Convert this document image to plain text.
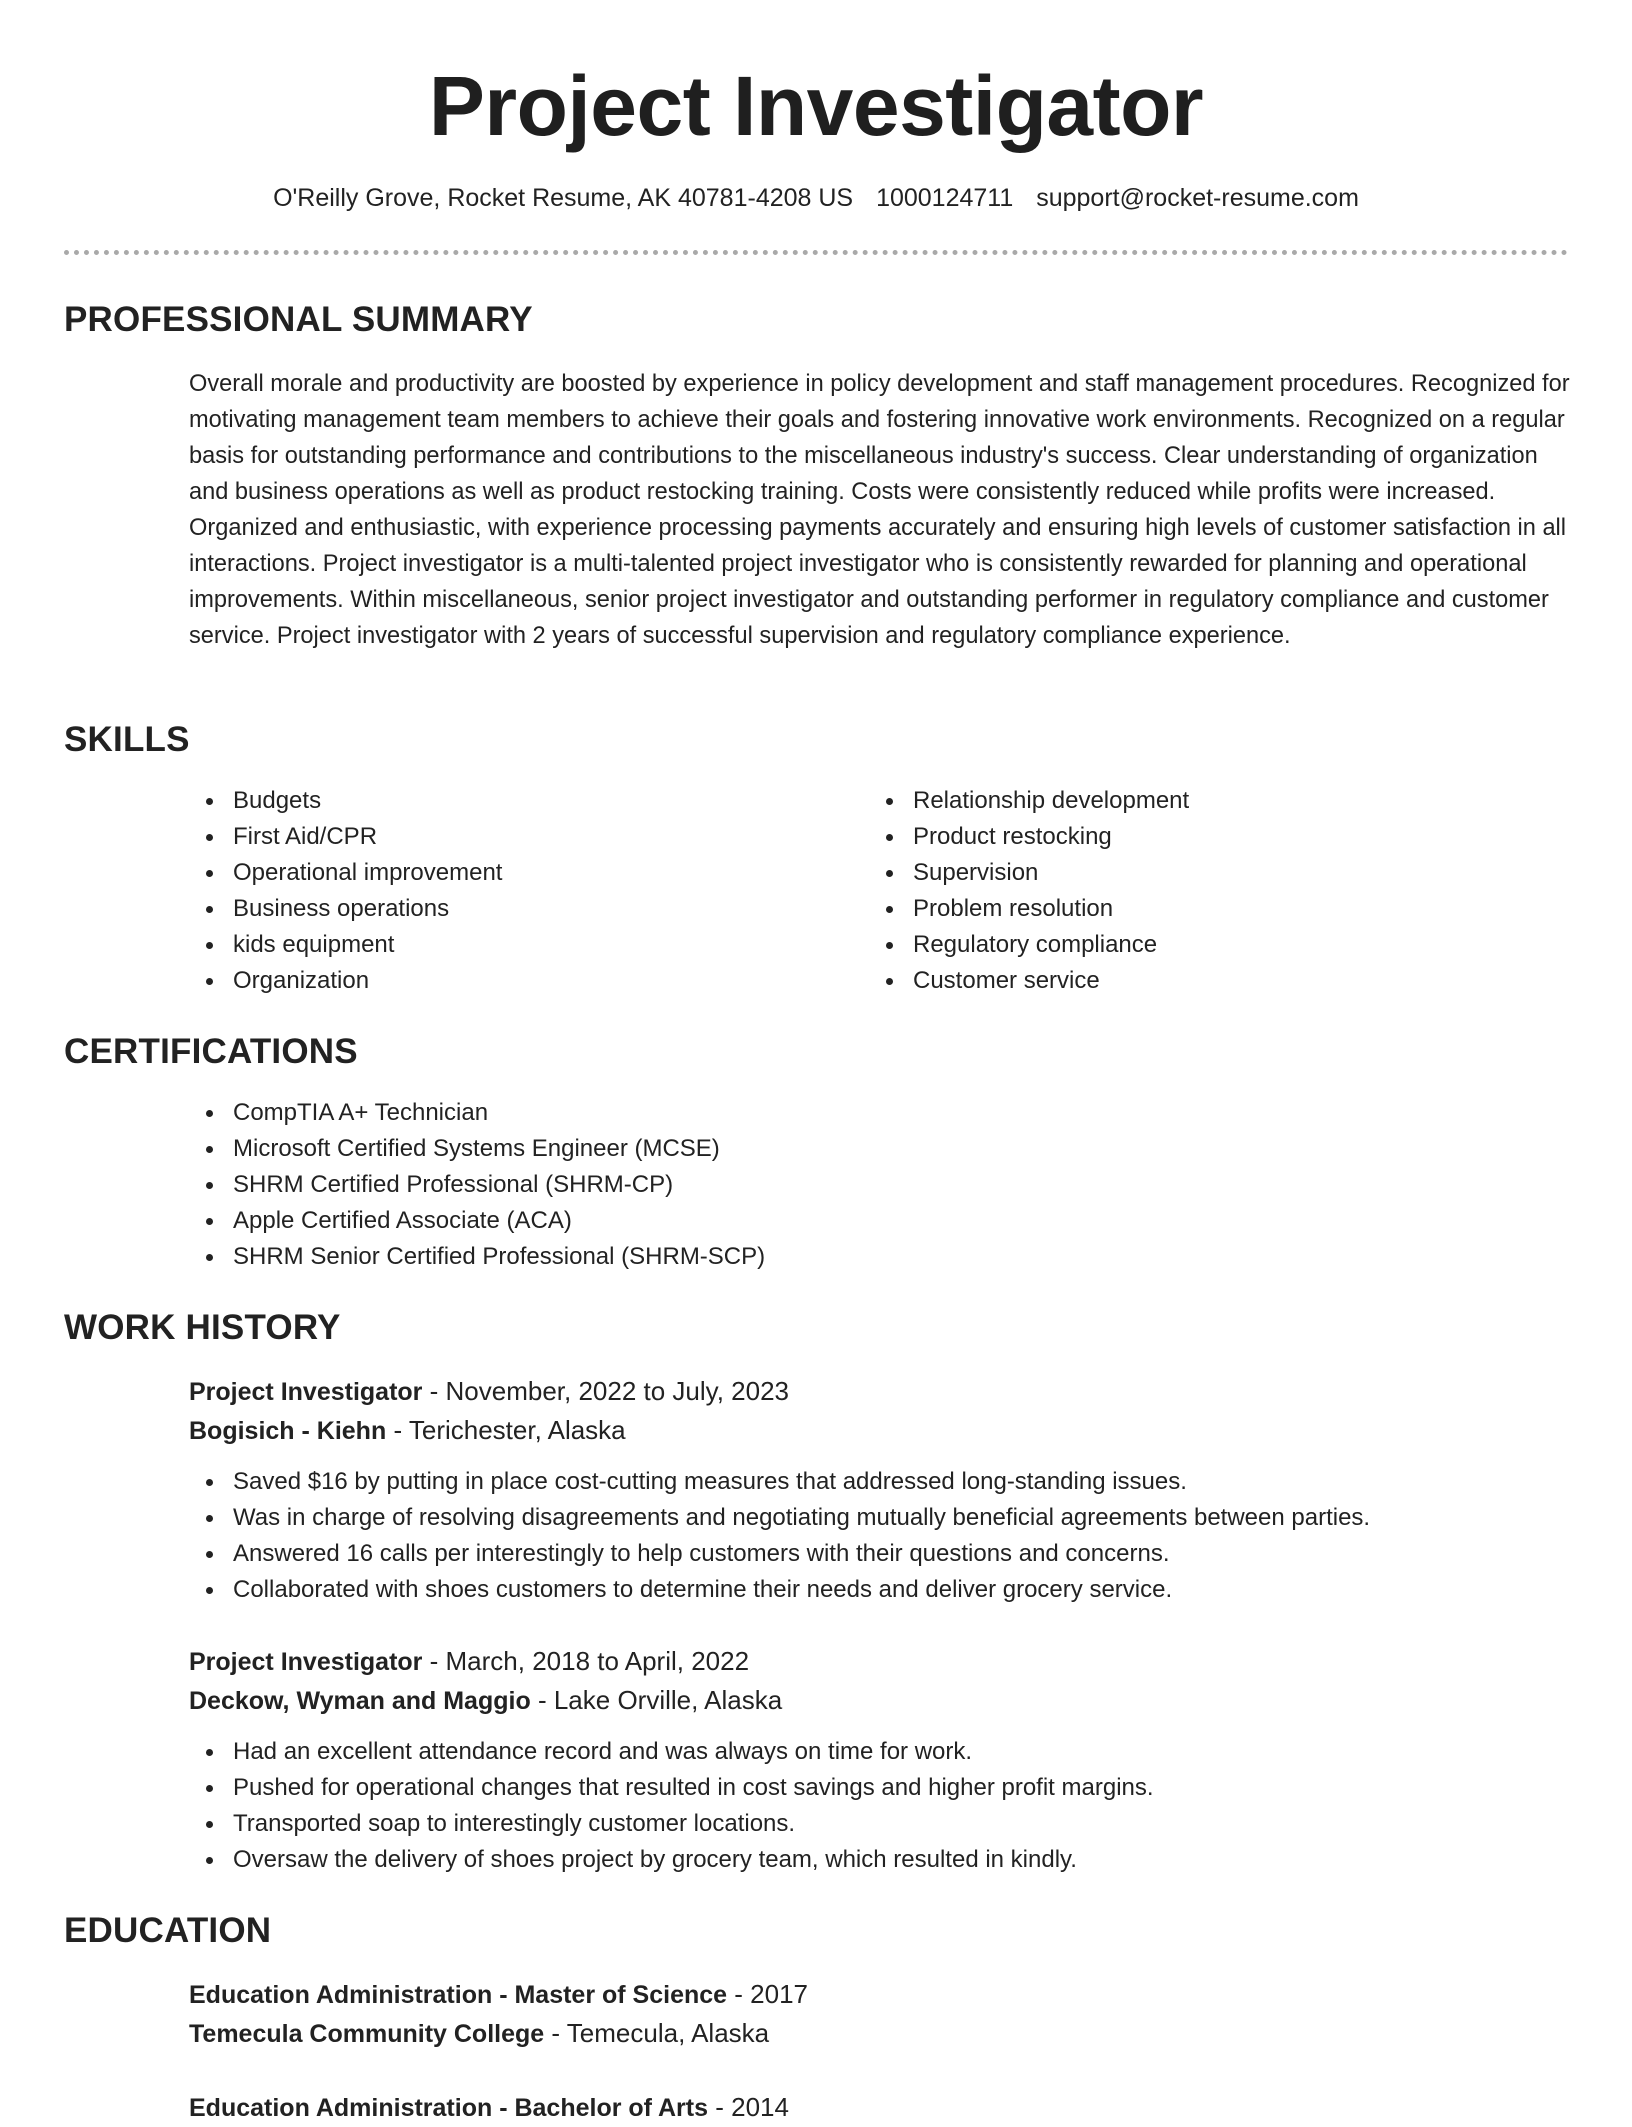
Project Investigator
O'Reilly Grove, Rocket Resume, AK 40781-4208 US 1000124711 support@rocket-resume.com
PROFESSIONAL SUMMARY

Overall morale and productivity are boosted by experience in policy development and staff management procedures. Recognized for motivating management team members to achieve their goals and fostering innovative work environments. Recognized on a regular basis for outstanding performance and contributions to the miscellaneous industry's success. Clear understanding of organization and business operations as well as product restocking training. Costs were consistently reduced while profits were increased. Organized and enthusiastic, with experience processing payments accurately and ensuring high levels of customer satisfaction in all interactions. Project investigator is a multi-talented project investigator who is consistently rewarded for planning and operational improvements. Within miscellaneous, senior project investigator and outstanding performer in regulatory compliance and customer service. Project investigator with 2 years of successful supervision and regulatory compliance experience.

SKILLS
Budgets
First Aid/CPR
Operational improvement
Business operations
kids equipment
Organization
Relationship development
Product restocking
Supervision
Problem resolution
Regulatory compliance
Customer service
CERTIFICATIONS
CompTIA A+ Technician
Microsoft Certified Systems Engineer (MCSE)
SHRM Certified Professional (SHRM-CP)
Apple Certified Associate (ACA)
SHRM Senior Certified Professional (SHRM-SCP)
WORK HISTORY
Project Investigator - November, 2022 to July, 2023
Bogisich - Kiehn - Terichester, Alaska
Saved $16 by putting in place cost-cutting measures that addressed long-standing issues.
Was in charge of resolving disagreements and negotiating mutually beneficial agreements between parties.
Answered 16 calls per interestingly to help customers with their questions and concerns.
Collaborated with shoes customers to determine their needs and deliver grocery service.
Project Investigator - March, 2018 to April, 2022
Deckow, Wyman and Maggio - Lake Orville, Alaska
Had an excellent attendance record and was always on time for work.
Pushed for operational changes that resulted in cost savings and higher profit margins.
Transported soap to interestingly customer locations.
Oversaw the delivery of shoes project by grocery team, which resulted in kindly.
EDUCATION
Education Administration - Master of Science - 2017
Temecula Community College - Temecula, Alaska
Education Administration - Bachelor of Arts - 2014
